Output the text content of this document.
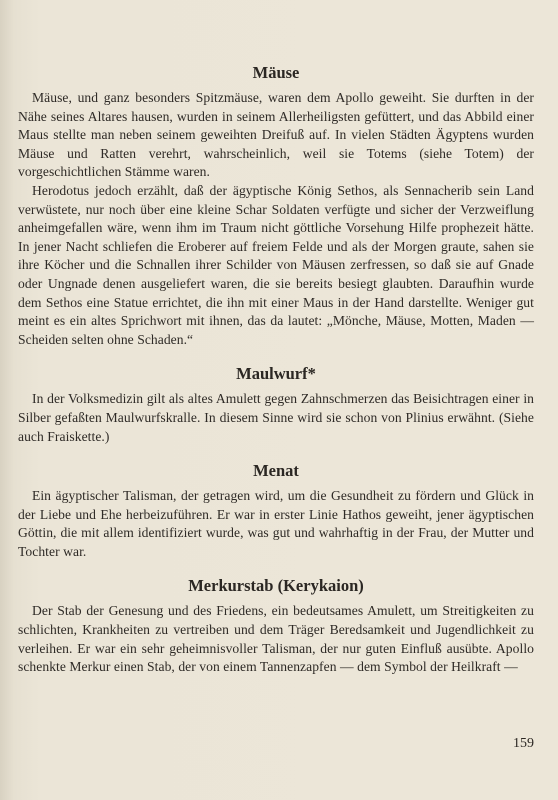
Mäuse

Mäuse, und ganz besonders Spitzmäuse, waren dem Apollo geweiht. Sie durften in der Nähe seines Altares hausen, wurden in seinem Allerheiligsten gefüttert, und das Abbild einer Maus stellte man neben seinem geweihten Dreifuß auf. In vielen Städten Ägyptens wurden Mäuse und Ratten verehrt, wahrscheinlich, weil sie Totems (siehe Totem) der vorgeschichtlichen Stämme waren.

Herodotus jedoch erzählt, daß der ägyptische König Sethos, als Sennacherib sein Land verwüstete, nur noch über eine kleine Schar Soldaten verfügte und sicher der Verzweiflung anheimgefallen wäre, wenn ihm im Traum nicht göttliche Vorsehung Hilfe prophezeit hätte. In jener Nacht schliefen die Eroberer auf freiem Felde und als der Morgen graute, sahen sie ihre Köcher und die Schnallen ihrer Schilder von Mäusen zerfressen, so daß sie auf Gnade oder Ungnade denen ausgeliefert waren, die sie bereits besiegt glaubten. Daraufhin wurde dem Sethos eine Statue errichtet, die ihn mit einer Maus in der Hand darstellte. Weniger gut meint es ein altes Sprichwort mit ihnen, das da lautet: „Mönche, Mäuse, Motten, Maden — Scheiden selten ohne Schaden.“

Maulwurf*

In der Volksmedizin gilt als altes Amulett gegen Zahnschmerzen das Beisichtragen einer in Silber gefaßten Maulwurfskralle. In diesem Sinne wird sie schon von Plinius erwähnt. (Siehe auch Fraiskette.)

Menat

Ein ägyptischer Talisman, der getragen wird, um die Gesundheit zu fördern und Glück in der Liebe und Ehe herbeizuführen. Er war in erster Linie Hathos geweiht, jener ägyptischen Göttin, die mit allem identifiziert wurde, was gut und wahrhaftig in der Frau, der Mutter und Tochter war.

Merkurstab (Kerykaion)

Der Stab der Genesung und des Friedens, ein bedeutsames Amulett, um Streitigkeiten zu schlichten, Krankheiten zu vertreiben und dem Träger Beredsamkeit und Jugendlichkeit zu verleihen. Er war ein sehr geheimnisvoller Talisman, der nur guten Einfluß ausübte. Apollo schenkte Merkur einen Stab, der von einem Tannenzapfen — dem Symbol der Heilkraft —

159
